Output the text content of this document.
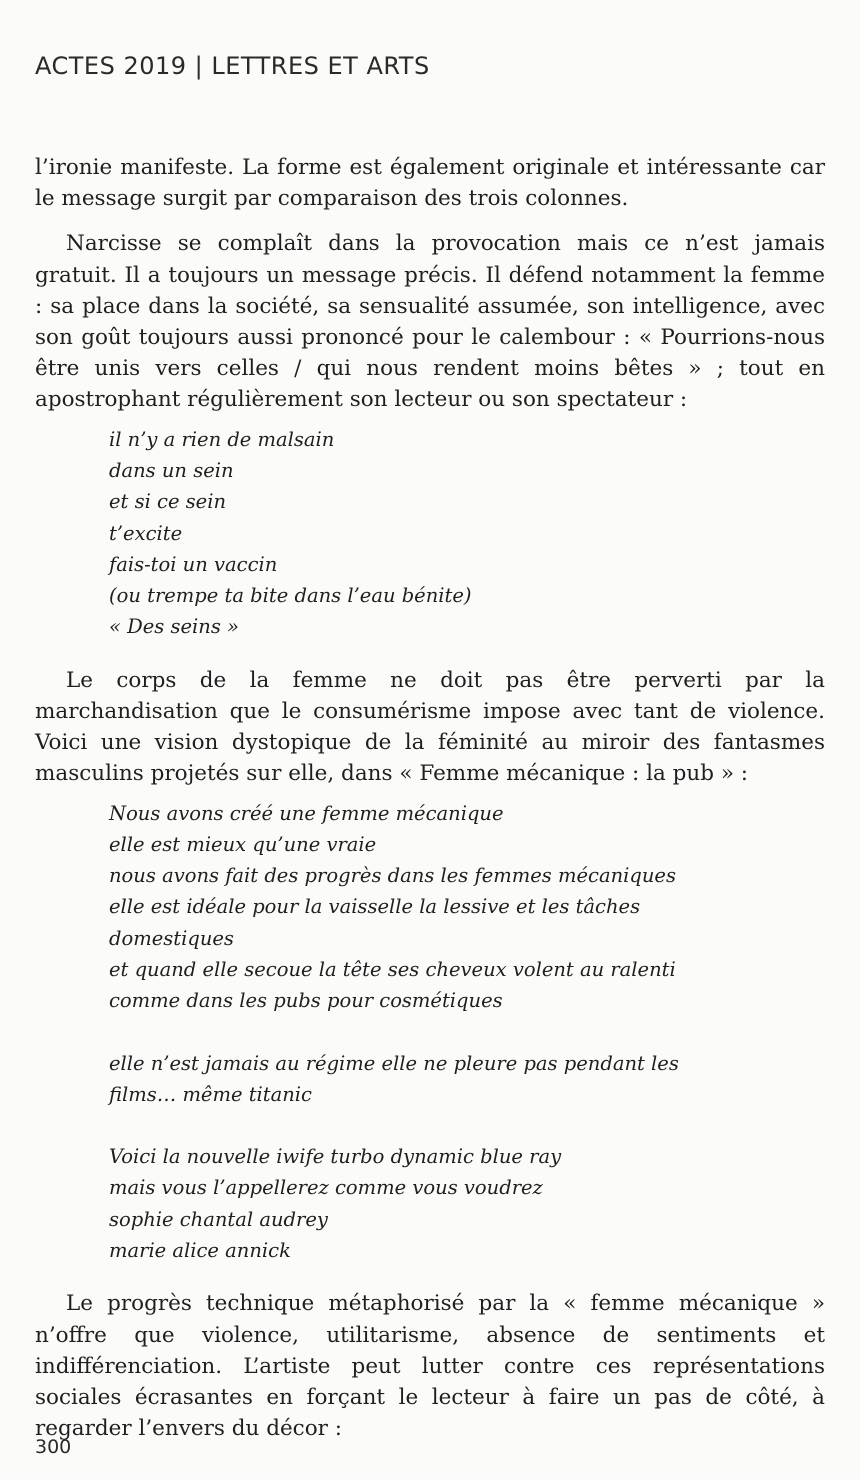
ACTES 2019 | LETTRES ET ARTS

l’ironie manifeste. La forme est également originale et intéressante car le message surgit par comparaison des trois colonnes.

Narcisse se complaît dans la provocation mais ce n’est jamais gratuit. Il a toujours un message précis. Il défend notamment la femme : sa place dans la société, sa sensualité assumée, son intelligence, avec son goût toujours aussi prononcé pour le calembour : « Pourrions-nous être unis vers celles / qui nous rendent moins bêtes » ; tout en apostrophant régulièrement son lecteur ou son spectateur :

il n’y a rien de malsain
dans un sein
et si ce sein
t’excite
fais-toi un vaccin
(ou trempe ta bite dans l’eau bénite)
« Des seins »

Le corps de la femme ne doit pas être perverti par la marchandisation que le consumérisme impose avec tant de violence. Voici une vision dystopique de la féminité au miroir des fantasmes masculins projetés sur elle, dans « Femme mécanique : la pub » :

Nous avons créé une femme mécanique
elle est mieux qu’une vraie
nous avons fait des progrès dans les femmes mécaniques
elle est idéale pour la vaisselle la lessive et les tâches
domestiques
et quand elle secoue la tête ses cheveux volent au ralenti
comme dans les pubs pour cosmétiques
elle n’est jamais au régime elle ne pleure pas pendant les
films… même titanic
Voici la nouvelle iwife turbo dynamic blue ray
mais vous l’appellerez comme vous voudrez
sophie chantal audrey
marie alice annick

Le progrès technique métaphorisé par la « femme mécanique » n’offre que violence, utilitarisme, absence de sentiments et indifférenciation. L’artiste peut lutter contre ces représentations sociales écrasantes en forçant le lecteur à faire un pas de côté, à regarder l’envers du décor :

300
